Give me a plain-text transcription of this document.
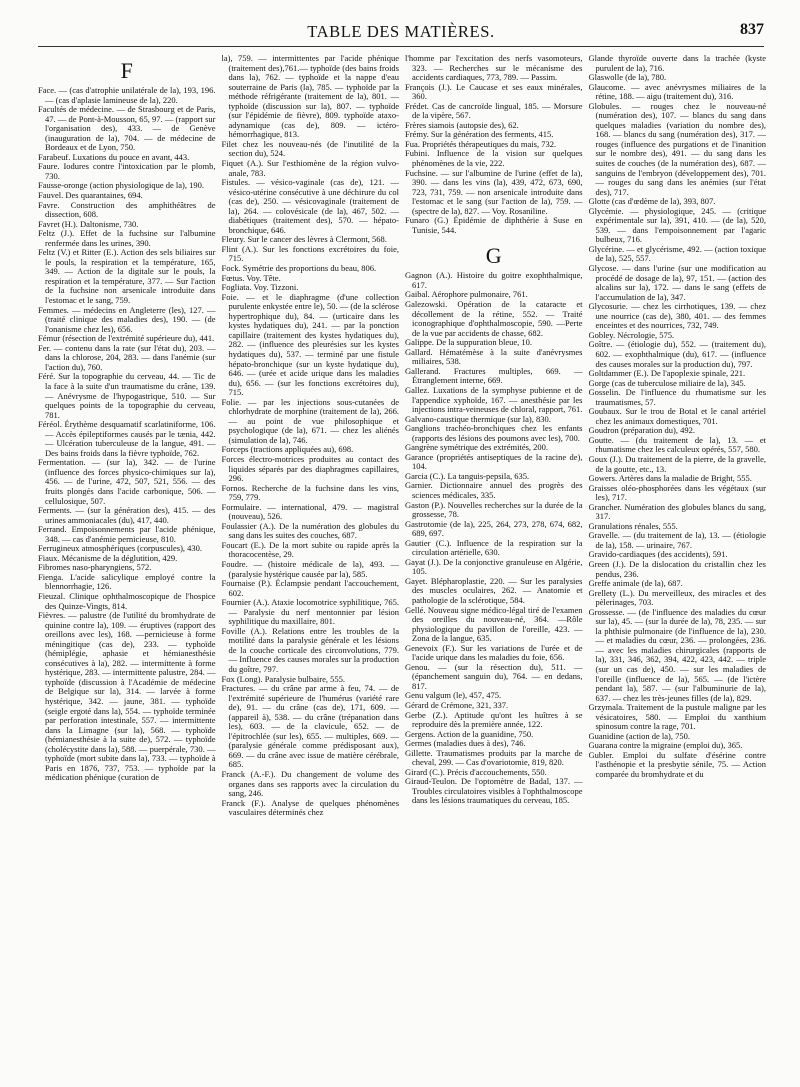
TABLE DES MATIÈRES.	837
F

Face. — (cas d'atrophie unilatérale de la), 193, 196. — (cas d'aplasie lamineuse de la), 220.

Facultés de médecine. — de Strasbourg et de Paris, 47. — de Pont-à-Mousson, 65, 97. — (rapport sur l'organisation des), 433. — de Genève (inauguration de la), 704. — de médecine de Bordeaux et de Lyon, 750.

Farabeuf. Luxations du pouce en avant, 443.

Faure. Iodures contre l'intoxication par le plomb, 730.

Fausse-oronge (action physiologique de la), 190.

Fauvel. Des quarantaines, 694.

Favre. Construction des amphithéâtres de dissection, 608.

Favret (H.). Daltonisme, 730.

Feltz (J.). Effet de la fuchsine sur l'albumine renfermée dans les urines, 390.

Feltz (V.) et Ritter (E.). Action des sels biliaires sur le pouls, la respiration et la température, 165, 349. — Action de la digitale sur le pouls, la respiration et la température, 377. — Sur l'action de la fuchsine non arsenicale introduite dans l'estomac et le sang, 759.

Femmes. — médecins en Angleterre (les), 127. — (traité clinique des maladies des), 190. — (de l'onanisme chez les), 656.

Fémur (résection de l'extrémité supérieure du), 441.

Fer. — contenu dans la rate (sur l'état du), 203. — dans la chlorose, 204, 283. — dans l'anémie (sur l'action du), 760.

Féré. Sur la topographie du cerveau, 44. — Tic de la face à la suite d'un traumatisme du crâne, 139. — Anévrysme de l'hypogastrique, 510. — Sur quelques points de la topographie du cerveau, 781.

Féréol. Érythème desquamatif scarlatiniforme, 106. — Accès épileptiformes causés par le tænia, 442. — Ulcération tuberculeuse de la langue, 491. — Des bains froids dans la fièvre typhoïde, 762.

Fermentation. — (sur la), 342. — de l'urine (influence des forces physico-chimiques sur la), 456. — de l'urine, 472, 507, 521, 556. — des fruits plongés dans l'acide carbonique, 506. — cellulosique, 507.

Ferments. — (sur la génération des), 415. — des urines ammoniacales (du), 417, 440.

Ferrand. Empoisonnements par l'acide phénique, 348. — cas d'anémie pernicieuse, 810.

Ferrugineux atmosphériques (corpuscules), 430.

Fiaux. Mécanisme de la déglutition, 429.

Fibromes naso-pharyngiens, 572.

Fienga. L'acide salicylique employé contre la blennorrhagie, 126.

Fieuzal. Clinique ophthalmoscopique de l'hospice des Quinze-Vingts, 814.

Fièvres. — palustre (de l'utilité du bromhydrate de quinine contre la), 109. — éruptives (rapport des oreillons avec les), 168. —pernicieuse à forme méningitique (cas de), 233. — typhoïde (hémiplégie, aphasie et hémianesthésie consécutives à la), 282. — intermittente à forme hystérique, 283. — intermittente palustre, 284. — typhoïde (discussion à l'Académie de médecine de Belgique sur la), 314. — larvée à forme hystérique, 342. — jaune, 381. — typhoïde (seigle ergoté dans la), 554. — typhoïde terminée par perforation intestinale, 557. — intermittente dans la Limagne (sur la), 568. — typhoïde (hémianesthésie à la suite de), 572. — typhoïde (cholécystite dans la), 588. — puerpérale, 730. — typhoïde (mort subite dans la), 733. — typhoïde à Paris en 1876, 737, 753. — typhoïde par la médication phénique (curation de

la), 759. — intermittentes par l'acide phénique (traitement des),761.— typhoïde (des bains froids dans la), 762. — typhoïde et la nappe d'eau souterraine de Paris (la), 785. — typhoïde par la méthode réfrigérante (traitement de la), 801. — typhoïde (discussion sur la), 807. — typhoïde (sur l'épidémie de fièvre), 809. typhoïde ataxo-adynamique (cas de), 809. — ictéro-hémorrhagique, 813.

Filet chez les nouveau-nés (de l'inutilité de la section du), 524.

Fiquet (A.). Sur l'esthiomène de la région vulvo-anale, 783.

Fistules. — vésico-vaginale (cas de), 121. — vésico-utérine consécutive à une déchirure du col (cas de), 250. — vésicovaginale (traitement de la), 264. — colovésicale (de la), 467, 502. — diabétiques (traitement des), 570. — hépato-bronchique, 646.

Fleury. Sur le cancer des lèvres à Clermont, 568.

Flint (A.). Sur les fonctions excrétoires du foie, 715.

Fock. Symétrie des proportions du beau, 806.

Fœtus. Voy. Tête.

Fogliata. Voy. Tizzoni.

Foie. — et le diaphragme (d'une collection purulente enkystée entre le), 50. — (de la sclérose hypertrophique du), 84. — (urticaire dans les kystes hydatiques du), 241. — par la ponction capillaire (traitement des kystes hydatiques du), 282. — (influence des pleurésies sur les kystes hydatiques du), 537. — terminé par une fistule hépato-bronchique (sur un kyste hydatique du), 646. — (urée et acide urique dans les maladies du), 656. — (sur les fonctions excrétoires du), 715.

Folie. — par les injections sous-cutanées de chlorhydrate de morphine (traitement de la), 266. — au point de vue philosophique et psychologique (de la), 671. — chez les aliénés (simulation de la), 746.

Forceps (tractions appliquées au), 698.

Forces électro-motrices produites au contact des liquides séparés par des diaphragmes capillaires, 296.

Fornos. Recherche de la fuchsine dans les vins, 759, 779.

Formulaire. — international, 479. — magistral (nouveau), 526.

Foulassier (A.). De la numération des globules du sang dans les suites des couches, 687.

Foucart (E.). De la mort subite ou rapide après la thoracocentèse, 29.

Foudre. — (histoire médicale de la), 493. — (paralysie hystérique causée par la), 585.

Fournaise (P.). Éclampsie pendant l'accouchement, 602.

Fournier (A.). Ataxie locomotrice syphilitique, 765. — Paralysie du nerf mentonnier par lésion syphilitique du maxillaire, 801.

Foville (A.). Relations entre les troubles de la motilité dans la paralysie générale et les lésions de la couche corticale des circonvolutions, 779. — Influence des causes morales sur la production du goître, 797.

Fox (Long). Paralysie bulbaire, 555.

Fractures. — du crâne par arme à feu, 74. — de l'extrémité supérieure de l'humérus (variété rare de), 91. — du crâne (cas de), 171, 609. — (appareil à), 538. — du crâne (trépanation dans les), 603. — de la clavicule, 652. — de l'épitrochlée (sur les), 655. — multiples, 669. — (paralysie générale comme prédisposant aux), 669. — du crâne avec issue de matière cérébrale, 685.

Franck (A.-F.). Du changement de volume des organes dans ses rapports avec la circulation du sang, 246.

Franck (F.). Analyse de quelques phénomènes vasculaires déterminés chez

l'homme par l'excitation des nerfs vasomoteurs, 323. — Recherches sur le mécanisme des accidents cardiaques, 773, 789. — Passim.

François (J.). Le Caucase et ses eaux minérales, 360.

Frédet. Cas de cancroïde lingual, 185. — Morsure de la vipère, 567.

Frères siamois (autopsie des), 62.

Frémy. Sur la génération des ferments, 415.

Fua. Propriétés thérapeutiques du mais, 732.

Fubini. Influence de la vision sur quelques phénomènes de la vie, 222.

Fuchsine. — sur l'albumine de l'urine (effet de la), 390. — dans les vins (la), 439, 472, 673, 690, 723, 731, 759. — non arsenicale introduite dans l'estomac et le sang (sur l'action de la), 759. — (spectre de la), 827. — Voy. Rosaniline.

Funaro (G.) Épidémie de diphthérie à Suse en Tunisie, 544.

G

Gagnon (A.). Histoire du goitre exophthalmique, 617.

Gaibal. Aérophore pulmonaire, 761.

Galezowski. Opération de la cataracte et décollement de la rétine, 552. — Traité iconographique d'ophthalmoscopie, 590. —Perte de la vue par accidents de chasse, 682.

Galippe. De la suppuration bleue, 10.

Gallard. Hématémèse à la suite d'anévrysmes miliaires, 538.

Gallerand. Fractures multiples, 669. — Étranglement interne, 669.

Gallez. Luxations de la symphyse pubienne et de l'appendice xyphoïde, 167. — anesthésie par les injections intra-veineuses de chloral, rapport, 761.

Galvano-caustique thermique (sur la), 830.

Ganglions trachéo-bronchiques chez les enfants (rapports des lésions des poumons avec les), 700.

Gangrène symétrique des extrémités, 200.

Garance (propriétés antiseptiques de la racine de), 104.

Garcia (C.). La tanguis-pepsila, 635.

Garnier. Dictionnaire annuel des progrès des sciences médicales, 335.

Gaston (P.). Nouvelles recherches sur la durée de la grossesse, 78.

Gastrotomie (de la), 225, 264, 273, 278, 674, 682, 689, 697.

Gautier (C.). Influence de la respiration sur la circulation artérielle, 630.

Gayat (J.). De la conjonctive granuleuse en Algérie, 105.

Gayet. Blépharoplastie, 220. — Sur les paralysies des muscles oculaires, 262. — Anatomie et pathologie de la sclérotique, 584.

Gellé. Nouveau signe médico-légal tiré de l'examen des oreilles du nouveau-né, 364. —Rôle physiologique du pavillon de l'oreille, 423. — Zona de la langue, 635.

Genevoix (F.). Sur les variations de l'urée et de l'acide urique dans les maladies du foie, 656.

Genou. — (sur la résection du), 511. — (épanchement sanguin du), 764. — en dedans, 817.

Genu valgum (le), 457, 475.

Gérard de Crémone, 321, 337.

Gerbe (Z.). Aptitude qu'ont les huîtres à se reproduire dès la première année, 122.

Gergens. Action de la guanidine, 750.

Germes (maladies dues à des), 746.

Gillette. Traumatismes produits par la marche de cheval, 299. — Cas d'ovariotomie, 819, 820.

Girard (C.). Précis d'accouchements, 550.

Giraud-Teulon. De l'optomètre de Badal, 137. — Troubles circulatoires visibles à l'ophthalmoscope dans les lésions traumatiques du cerveau, 185.

Glande thyroïde ouverte dans la trachée (kyste purulent de la), 716.

Glaswolle (de la), 780.

Glaucome. — avec anévrysmes miliaires de la rétine, 188. — aigu (traitement du), 316.

Globules. — rouges chez le nouveau-né (numération des), 107. — blancs du sang dans quelques maladies (variation du nombre des), 168. — blancs du sang (numération des), 317. — rouges (influence des purgations et de l'inanition sur le nombre des), 491. — du sang dans les suites de couches (de la numération des), 687. — sanguins de l'embryon (développement des), 701. — rouges du sang dans les anémies (sur l'état des), 717.

Glotte (cas d'œdème de la), 393, 807.

Glycémie. — physiologique, 245. — (critique expérimentale sur la), 391, 410. — (de la), 520, 539. — dans l'empoisonnement par l'agaric bulbeux, 716.

Glycérine. — et glycérisme, 492. — (action toxique de la), 525, 557.

Glycose. — dans l'urine (sur une modification au procédé de dosage de la), 97, 151. — (action des alcalins sur la), 172. — dans le sang (effets de l'accumulation de la), 347.

Glycosurie. — chez les cirrhotiques, 139. — chez une nourrice (cas de), 380, 401. — des femmes enceintes et des nourrices, 732, 749.

Gobley. Nécrologie, 575.

Goître. — (étiologie du), 552. — (traitement du), 602. — exophthalmique (du), 617. — (influence des causes morales sur la production du), 797.

Goltdammer (E.). De l'apoplexie spinale, 221.

Gorge (cas de tuberculose miliaire de la), 345.

Gosselin. De l'influence du rhumatisme sur les traumatismes, 57.

Goubaux. Sur le trou de Botal et le canal artériel chez les animaux domestiques, 701.

Goudron (préparation du), 492.

Goutte. — (du traitement de la), 13. — et rhumatisme chez les calculeux opérés, 557, 580.

Goux (J.). Du traitement de la pierre, de la gravelle, de la goutte, etc., 13.

Gowers. Artères dans la maladie de Bright, 555.

Graisses oléo-phosphorées dans les végétaux (sur les), 717.

Grancher. Numération des globules blancs du sang, 317.

Granulations rénales, 555.

Gravelle. — (du traitement de la), 13. — (étiologie de la), 158. — urinaire, 767.

Gravido-cardiaques (des accidents), 591.

Green (J.). De la dislocation du cristallin chez les pendus, 236.

Greffe animale (de la), 687.

Grellety (L.). Du merveilleux, des miracles et des pèlerinages, 703.

Grossesse. — (de l'influence des maladies du cœur sur la), 45. — (sur la durée de la), 78, 235. — sur la phthisie pulmonaire (de l'influence de la), 230. — et maladies du cœur, 236. — prolongées, 236. — avec les maladies chirurgicales (rapports de la), 331, 346, 362, 394, 422, 423, 442. — triple (sur un cas de), 450. — sur les maladies de l'oreille (influence de la), 565. — (de l'ictère pendant la), 587. — (sur l'albuminurie de la), 637. — chez les très-jeunes filles (de la), 829.

Grzymala. Traitement de la pustule maligne par les vésicatoires, 580. — Emploi du xanthium spinosum contre la rage, 701.

Guanidine (action de la), 750.

Guarana contre la migraine (emploi du), 365.

Gubler. Emploi du sulfate d'ésérine contre l'asthénopie et la presbytie sénile, 75. — Action comparée du bromhydrate et du
